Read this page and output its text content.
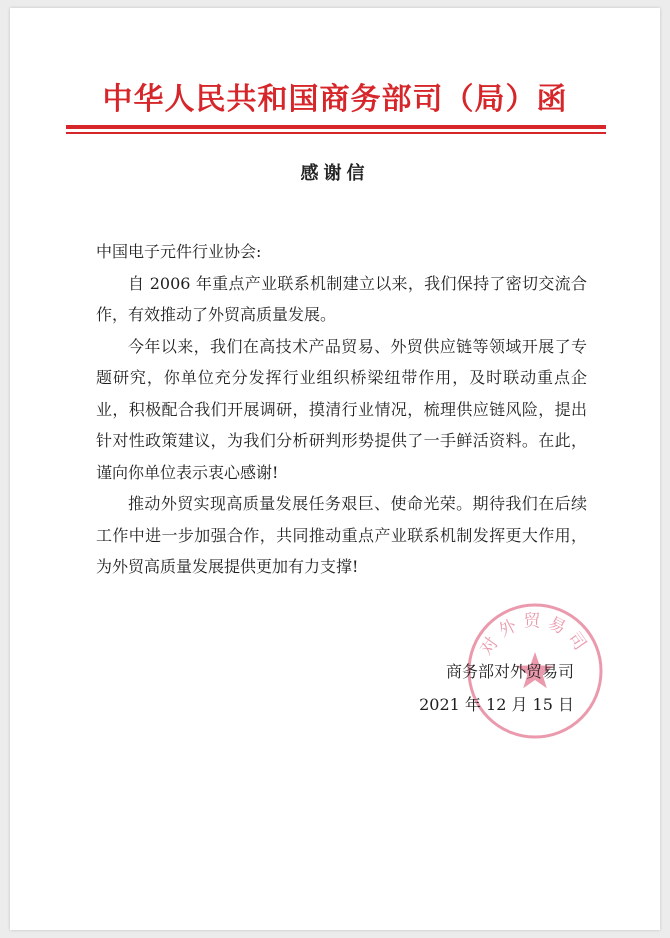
中华人民共和国商务部司（局）函
感谢信

中国电子元件行业协会:

自 2006 年重点产业联系机制建立以来，我们保持了密切交流合作，有效推动了外贸高质量发展。

今年以来，我们在高技术产品贸易、外贸供应链等领域开展了专题研究，你单位充分发挥行业组织桥梁纽带作用，及时联动重点企业，积极配合我们开展调研，摸清行业情况，梳理供应链风险，提出针对性政策建议，为我们分析研判形势提供了一手鲜活资料。在此，谨向你单位表示衷心感谢!

推动外贸实现高质量发展任务艰巨、使命光荣。期待我们在后续工作中进一步加强合作，共同推动重点产业联系机制发挥更大作用，为外贸高质量发展提供更加有力支撑!

对外贸易司
商务部对外贸易司
2021 年 12 月 15 日
